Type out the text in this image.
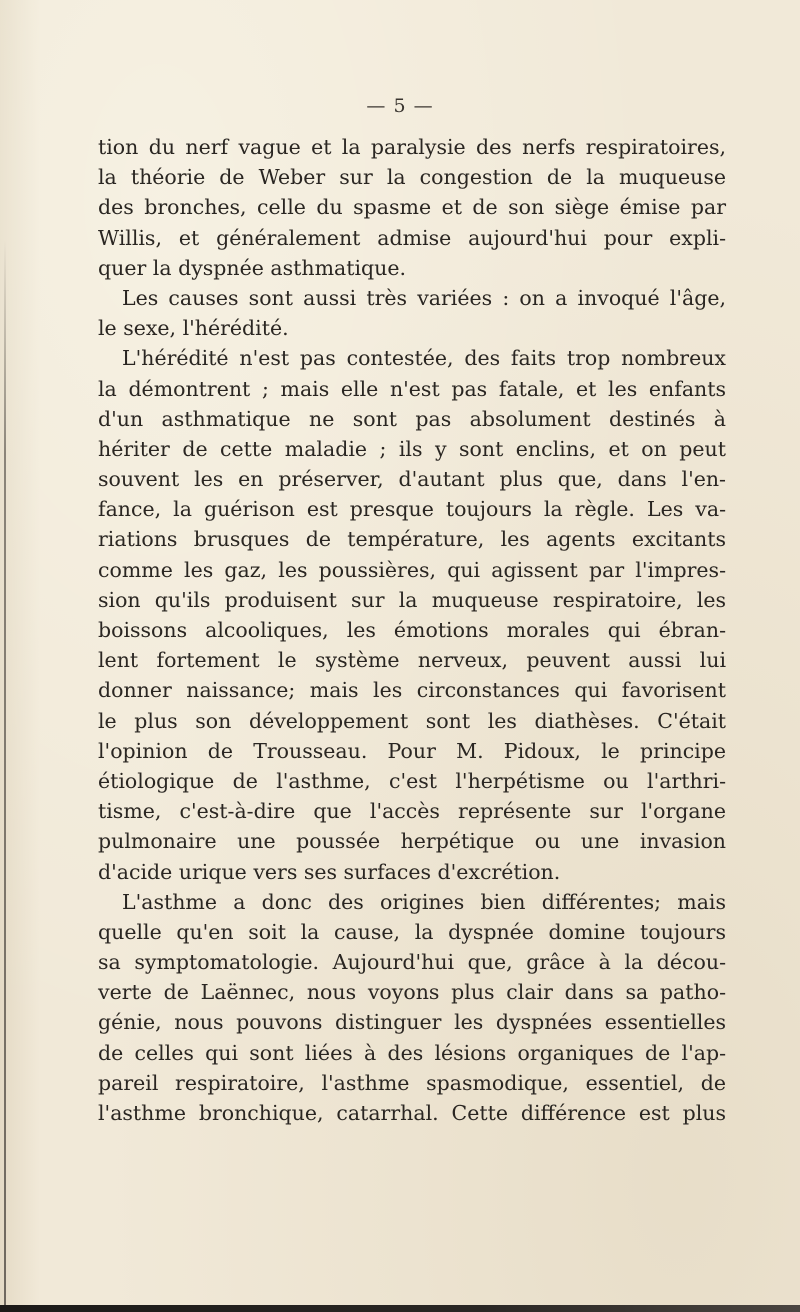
— 5 —
tion du nerf vague et la paralysie des nerfs respiratoires,
la théorie de Weber sur la congestion de la muqueuse
des bronches, celle du spasme et de son siège émise par
Willis, et généralement admise aujourd'hui pour expli-
quer la dyspnée asthmatique.
Les causes sont aussi très variées : on a invoqué l'âge,
le sexe, l'hérédité.
L'hérédité n'est pas contestée, des faits trop nombreux
la démontrent ; mais elle n'est pas fatale, et les enfants
d'un asthmatique ne sont pas absolument destinés à
hériter de cette maladie ; ils y sont enclins, et on peut
souvent les en préserver, d'autant plus que, dans l'en-
fance, la guérison est presque toujours la règle. Les va-
riations brusques de température, les agents excitants
comme les gaz, les poussières, qui agissent par l'impres-
sion qu'ils produisent sur la muqueuse respiratoire, les
boissons alcooliques, les émotions morales qui ébran-
lent fortement le système nerveux, peuvent aussi lui
donner naissance; mais les circonstances qui favorisent
le plus son développement sont les diathèses. C'était
l'opinion de Trousseau. Pour M. Pidoux, le principe
étiologique de l'asthme, c'est l'herpétisme ou l'arthri-
tisme, c'est-à-dire que l'accès représente sur l'organe
pulmonaire une poussée herpétique ou une invasion
d'acide urique vers ses surfaces d'excrétion.
L'asthme a donc des origines bien différentes; mais
quelle qu'en soit la cause, la dyspnée domine toujours
sa symptomatologie. Aujourd'hui que, grâce à la décou-
verte de Laënnec, nous voyons plus clair dans sa patho-
génie, nous pouvons distinguer les dyspnées essentielles
de celles qui sont liées à des lésions organiques de l'ap-
pareil respiratoire, l'asthme spasmodique, essentiel, de
l'asthme bronchique, catarrhal. Cette différence est plus
